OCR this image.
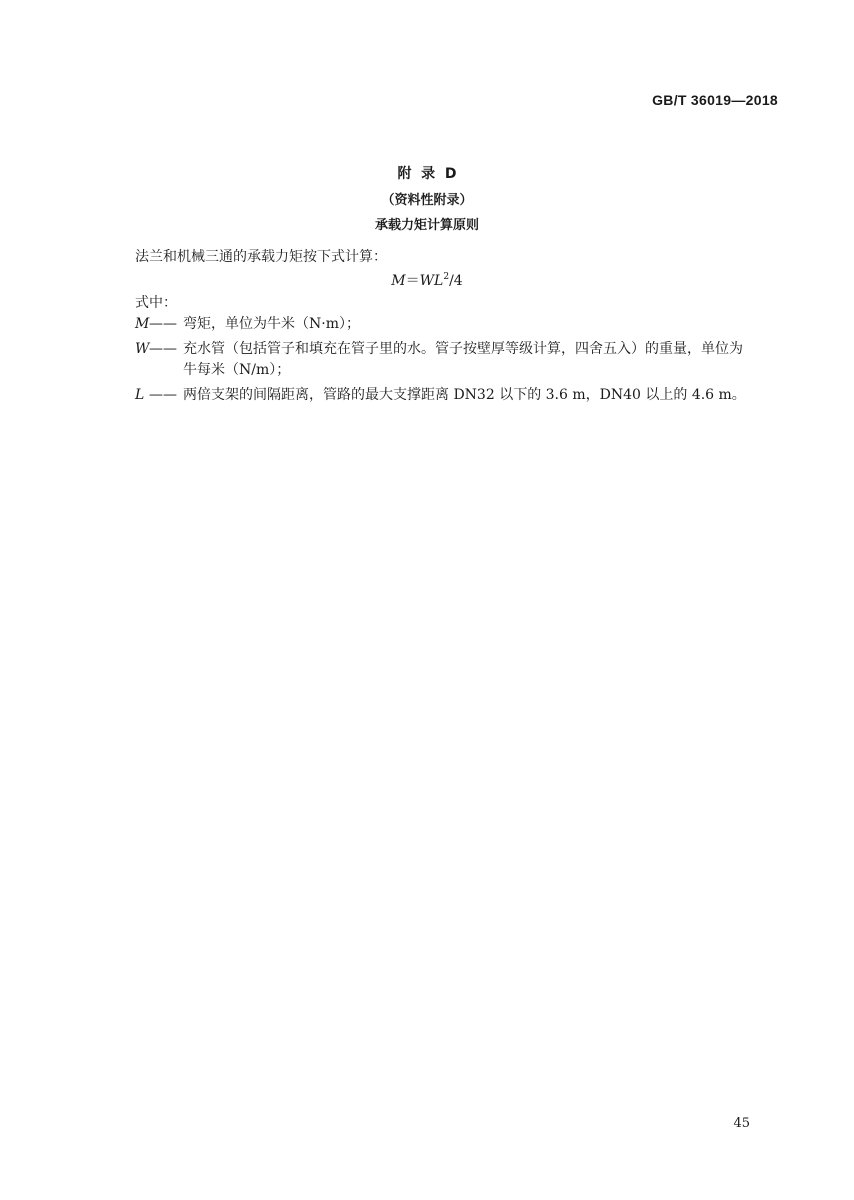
GB/T 36019—2018
附  录  D
（资料性附录）
承载力矩计算原则
法兰和机械三通的承载力矩按下式计算：
$M=WL^2/4$
式中：
M—— 弯矩，单位为牛米（N·m）；
W—— 充水管（包括管子和填充在管子里的水。管子按壁厚等级计算，四舍五入）的重量，单位为
牛每米（N/m）；
L —— 两倍支架的间隔距离，管路的最大支撑距离 DN32 以下的 3.6 m，DN40 以上的 4.6 m。
45
